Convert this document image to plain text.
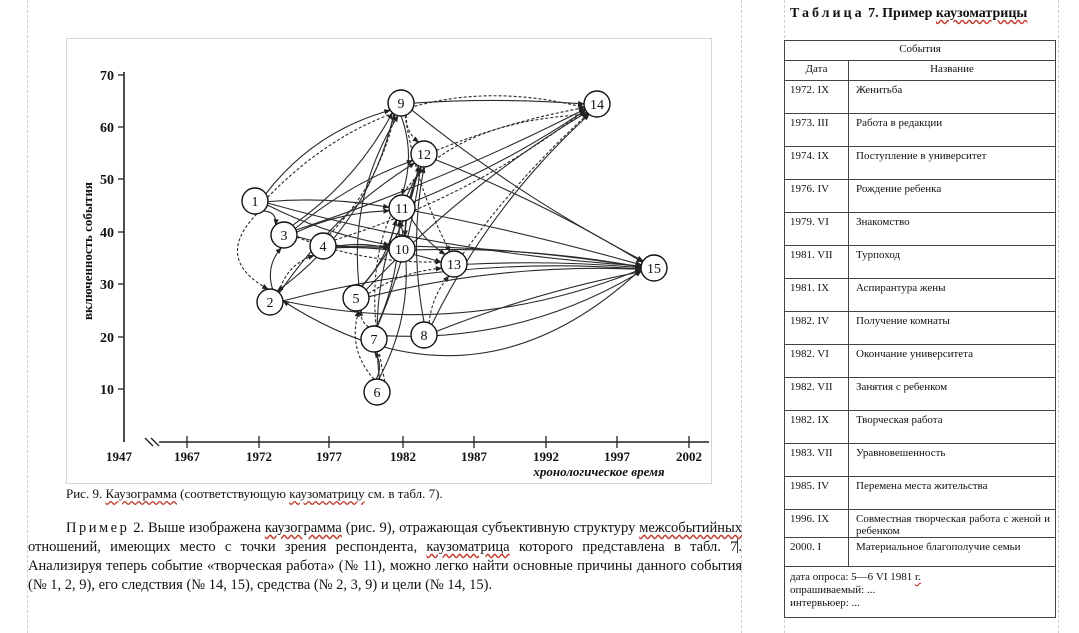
70
60
50
40
30
20
10
1947	1967	1972	1977	1982	1987	1992	1997	2002
включенность события
хронологическое время
1
2
3
4
5
6
7	8
9
10
11
12
13
14
15
Рис. 9. Каузограмма (соответствующую каузоматрицу см. в табл. 7).
Пример 2. Выше изображена каузограмма (рис. 9), отражающая субъективную структуру межсобытийных отношений, имеющих место с точки зрения респондента, каузоматрица которого представлена в табл. 7. Анализируя теперь событие «творческая работа» (№ 11), можно легко найти основные причины данного события (№ 1, 2, 9), его следствия (№ 14, 15), средства (№ 2, 3, 9) и цели (№ 14, 15).
Таблица 7. Пример каузоматрицы
События	
Дата	Название
1972. IX	Женитьба
1973. III	Работа в редакции
1974. IX	Поступление в университет
1976. IV	Рождение ребенка
1979. VI	Знакомство
1981. VII	Турпоход
1981. IX	Аспирантура жены
1982. IV	Получение комнаты
1982. VI	Окончание университета
1982. VII	Занятия с ребенком
1982. IX	Творческая работа
1983. VII	Уравновешенность
1985. IV	Перемена места жительства
1996. IX	Совместная творческая работа с женой и ребенком
2000. I	Материальное благополучие семьи

дата опроса: 5—6 VI 1981 г.
опрашиваемый: ...
интервьюер: ...	
